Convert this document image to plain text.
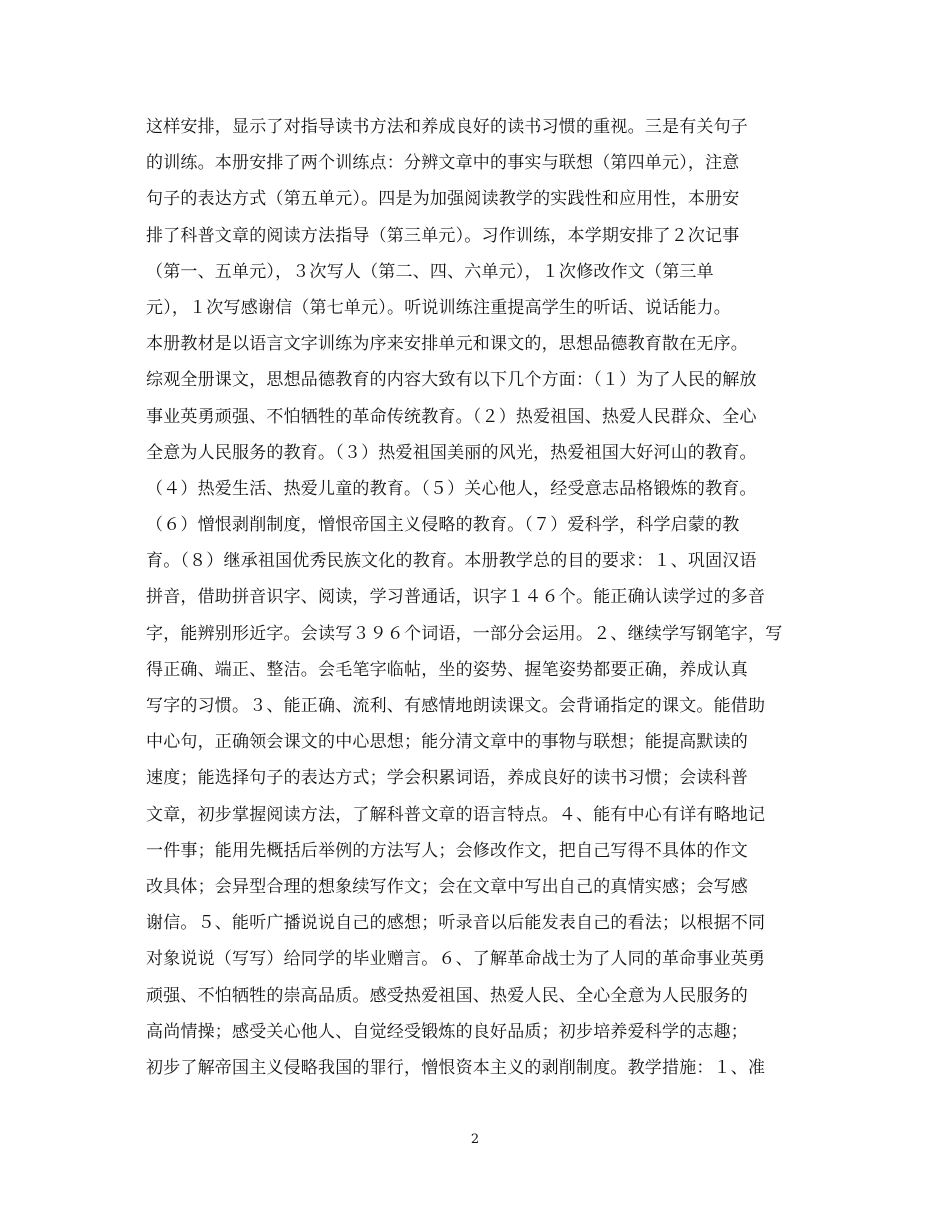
这样安排，显示了对指导读书方法和养成良好的读书习惯的重视。三是有关句子
的训练。本册安排了两个训练点：分辨文章中的事实与联想（第四单元），注意
句子的表达方式（第五单元）。四是为加强阅读教学的实践性和应用性，本册安
排了科普文章的阅读方法指导（第三单元）。习作训练，本学期安排了２次记事
（第一、五单元），３次写人（第二、四、六单元），１次修改作文（第三单
元），１次写感谢信（第七单元）。听说训练注重提高学生的听话、说话能力。
本册教材是以语言文字训练为序来安排单元和课文的，思想品德教育散在无序。
综观全册课文，思想品德教育的内容大致有以下几个方面：（１）为了人民的解放
事业英勇顽强、不怕牺牲的革命传统教育。（２）热爱祖国、热爱人民群众、全心
全意为人民服务的教育。（３）热爱祖国美丽的风光，热爱祖国大好河山的教育。
（４）热爱生活、热爱儿童的教育。（５）关心他人，经受意志品格锻炼的教育。
（６）憎恨剥削制度，憎恨帝国主义侵略的教育。（７）爱科学，科学启蒙的教
育。（８）继承祖国优秀民族文化的教育。本册教学总的目的要求：１、巩固汉语
拼音，借助拼音识字、阅读，学习普通话，识字１４６个。能正确认读学过的多音
字，能辨别形近字。会读写３９６个词语，一部分会运用。２、继续学写钢笔字，写
得正确、端正、整洁。会毛笔字临帖，坐的姿势、握笔姿势都要正确，养成认真
写字的习惯。３、能正确、流利、有感情地朗读课文。会背诵指定的课文。能借助
中心句，正确领会课文的中心思想；能分清文章中的事物与联想；能提高默读的
速度；能选择句子的表达方式；学会积累词语，养成良好的读书习惯；会读科普
文章，初步掌握阅读方法，了解科普文章的语言特点。４、能有中心有详有略地记
一件事；能用先概括后举例的方法写人；会修改作文，把自己写得不具体的作文
改具体；会异型合理的想象续写作文；会在文章中写出自己的真情实感；会写感
谢信。５、能听广播说说自己的感想；听录音以后能发表自己的看法；以根据不同
对象说说（写写）给同学的毕业赠言。６、了解革命战士为了人同的革命事业英勇
顽强、不怕牺牲的崇高品质。感受热爱祖国、热爱人民、全心全意为人民服务的
高尚情操；感受关心他人、自觉经受锻炼的良好品质；初步培养爱科学的志趣；
初步了解帝国主义侵略我国的罪行，憎恨资本主义的剥削制度。教学措施：１、准
2
